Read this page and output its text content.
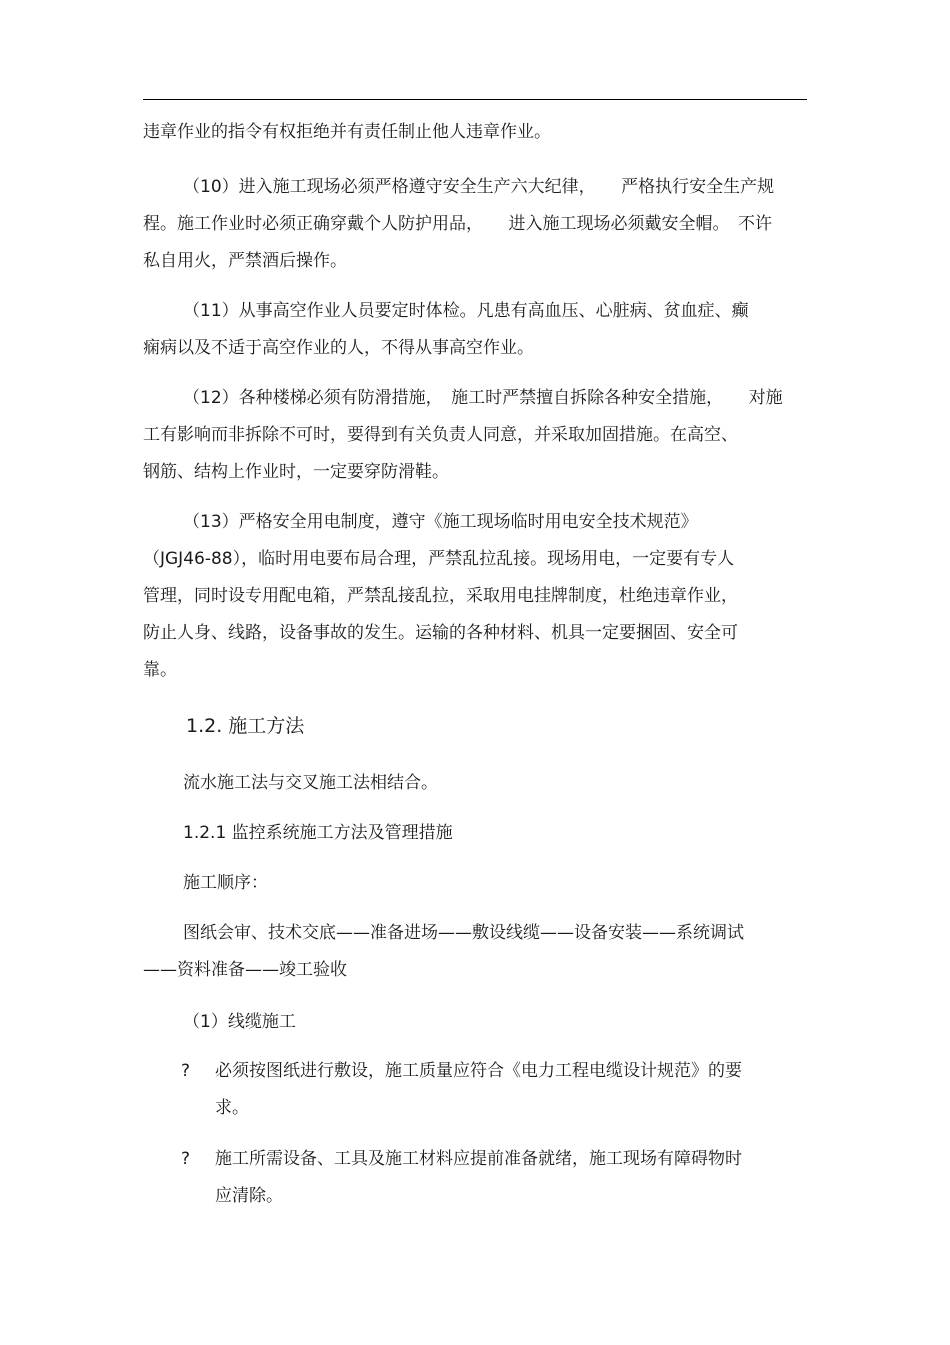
违章作业的指令有权拒绝并有责任制止他人违章作业。
（10）进入施工现场必须严格遵守安全生产六大纪律，　　严格执行安全生产规
程。施工作业时必须正确穿戴个人防护用品，　　进入施工现场必须戴安全帽。　不许
私自用火，严禁酒后操作。
（11）从事高空作业人员要定时体检。凡患有高血压、心脏病、贫血症、癫
痫病以及不适于高空作业的人，不得从事高空作业。
（12）各种楼梯必须有防滑措施，　施工时严禁擅自拆除各种安全措施，　　对施
工有影响而非拆除不可时，要得到有关负责人同意，并采取加固措施。在高空、
钢筋、结构上作业时，一定要穿防滑鞋。
（13）严格安全用电制度，遵守《施工现场临时用电安全技术规范》
（JGJ46-88），临时用电要布局合理，严禁乱拉乱接。现场用电，一定要有专人
管理，同时设专用配电箱，严禁乱接乱拉，采取用电挂牌制度，杜绝违章作业，
防止人身、线路，设备事故的发生。运输的各种材料、机具一定要捆固、安全可
靠。
1.2. 施工方法
流水施工法与交叉施工法相结合。
1.2.1 监控系统施工方法及管理措施
施工顺序：
图纸会审、技术交底——准备进场——敷设线缆——设备安装——系统调试
——资料准备——竣工验收
（1）线缆施工
? 必须按图纸进行敷设，施工质量应符合《电力工程电缆设计规范》的要
求。
? 施工所需设备、工具及施工材料应提前准备就绪，施工现场有障碍物时
应清除。
